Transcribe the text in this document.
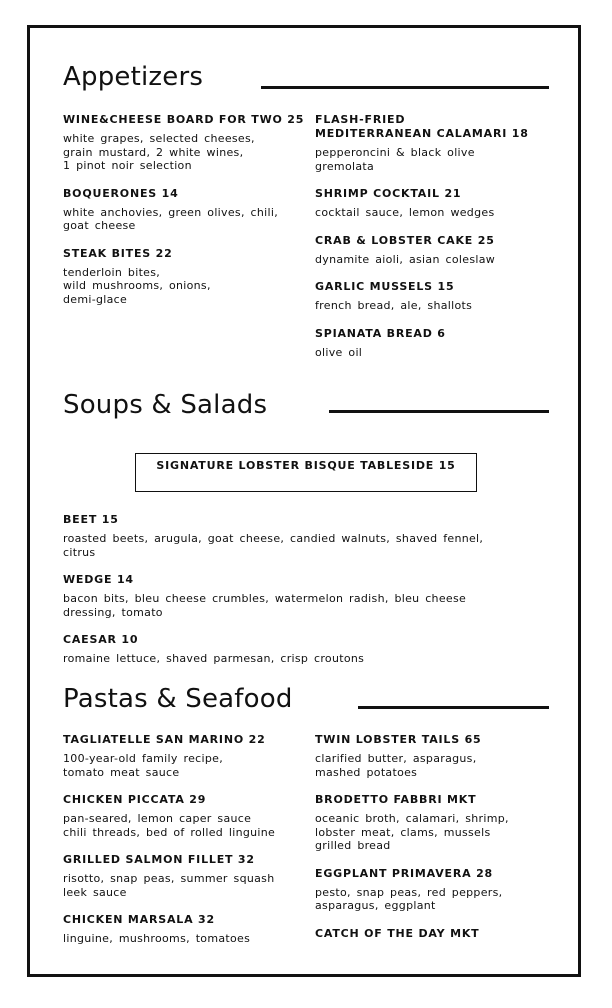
Appetizers
WINE&CHEESE BOARD FOR TWO 25
white grapes, selected cheeses,
grain mustard, 2 white wines,
1 pinot noir selection
BOQUERONES 14
white anchovies, green olives, chili,
goat cheese
STEAK BITES 22
tenderloin bites,
wild mushrooms, onions,
demi-glace
FLASH-FRIED
MEDITERRANEAN CALAMARI 18
pepperoncini & black olive
gremolata
SHRIMP COCKTAIL 21
cocktail sauce, lemon wedges
CRAB & LOBSTER CAKE 25
dynamite aioli, asian coleslaw
GARLIC MUSSELS 15
french bread, ale, shallots
SPIANATA BREAD 6
olive oil
Soups & Salads
SIGNATURE LOBSTER BISQUE TABLESIDE 15
BEET 15
roasted beets, arugula, goat cheese, candied walnuts, shaved fennel,
citrus
WEDGE 14
bacon bits, bleu cheese crumbles, watermelon radish, bleu cheese
dressing, tomato
CAESAR 10
romaine lettuce, shaved parmesan, crisp croutons
Pastas & Seafood
TAGLIATELLE SAN MARINO 22
100-year-old family recipe,
tomato meat sauce
CHICKEN PICCATA 29
pan-seared, lemon caper sauce
chili threads, bed of rolled linguine
GRILLED SALMON FILLET 32
risotto, snap peas, summer squash
leek sauce
CHICKEN MARSALA 32
linguine, mushrooms, tomatoes
TWIN LOBSTER TAILS 65
clarified butter, asparagus,
mashed potatoes
BRODETTO FABBRI MKT
oceanic broth, calamari, shrimp,
lobster meat, clams, mussels
grilled bread
EGGPLANT PRIMAVERA 28
pesto, snap peas, red peppers,
asparagus, eggplant
CATCH OF THE DAY MKT
